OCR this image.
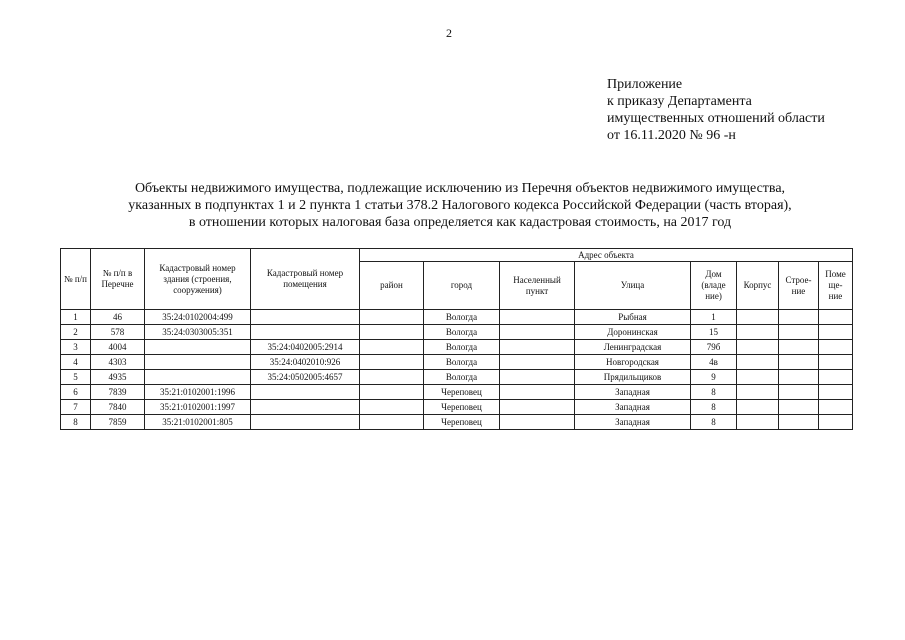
2
Приложение
к приказу Департамента
имущественных отношений области
от 16.11.2020 № 96 -н
Объекты недвижимого имущества, подлежащие исключению из Перечня объектов недвижимого имущества,
указанных в подпунктах 1 и 2 пункта 1 статьи 378.2 Налогового кодекса Российской Федерации (часть вторая),
в отношении которых налоговая база определяется как кадастровая стоимость, на 2017 год
№ п/п	№ п/п в Перечне	Кадастровый номер здания (строения, сооружения)	Кадастровый номер помещения	Адрес объекта							
				район	город	Населенный пункт	Улица	Дом (владе ние)	Корпус	Строе- ние	Поме ще- ние
1	46	35:24:0102004:499			Вологда		Рыбная	1			
2	578	35:24:0303005:351			Вологда		Доронинская	15			
3	4004		35:24:0402005:2914		Вологда		Ленинградская	79б			
4	4303		35:24:0402010:926		Вологда		Новгородская	4в			
5	4935		35:24:0502005:4657		Вологда		Прядильщиков	9			
6	7839	35:21:0102001:1996			Череповец		Западная	8			
7	7840	35:21:0102001:1997			Череповец		Западная	8			
8	7859	35:21:0102001:805			Череповец		Западная	8			
